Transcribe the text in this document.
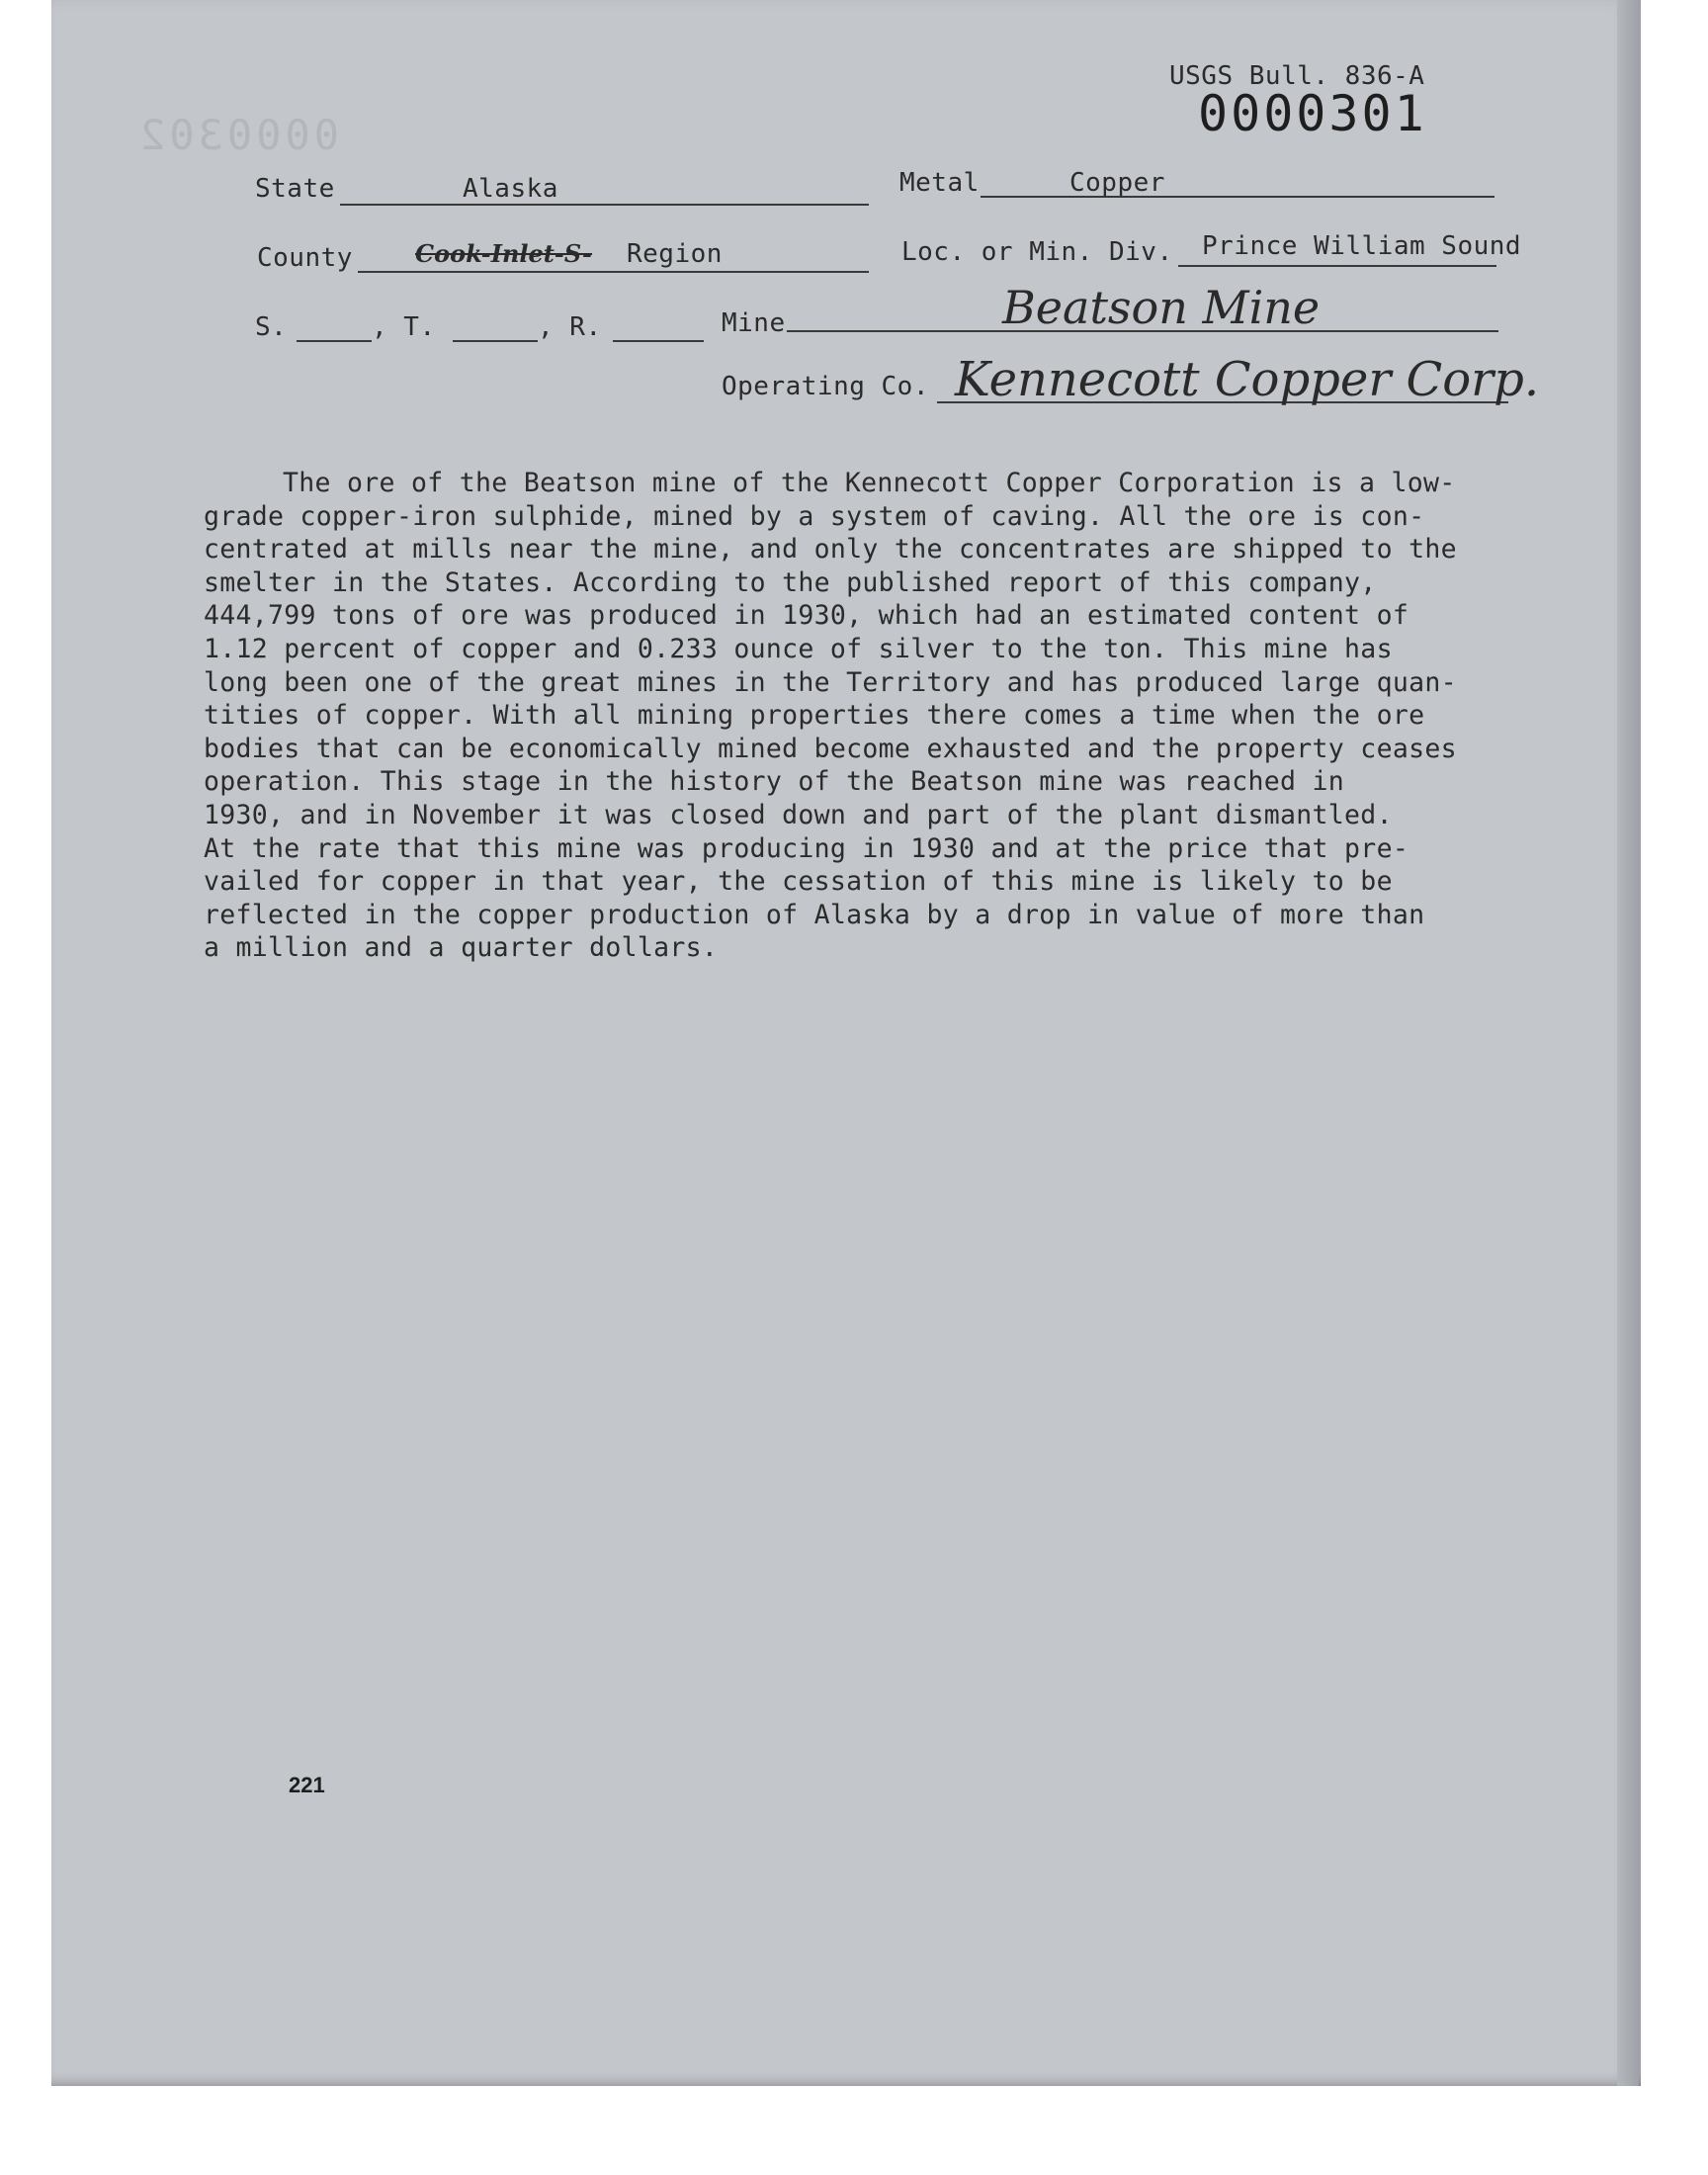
0000302
USGS Bull. 836-A
0000301
State	Alaska	Metal	Copper
County	Cook-Inlet-S- Region	Loc. or Min. Div. Prince William Sound
S.	, T.	, R.	Mine	Beatson Mine
Operating Co. Kennecott Copper Corp.
The ore of the Beatson mine of the Kennecott Copper Corporation is a low-
grade copper-iron sulphide, mined by a system of caving. All the ore is con-
centrated at mills near the mine, and only the concentrates are shipped to the
smelter in the States. According to the published report of this company,
444,799 tons of ore was produced in 1930, which had an estimated content of
1.12 percent of copper and 0.233 ounce of silver to the ton. This mine has
long been one of the great mines in the Territory and has produced large quan-
tities of copper. With all mining properties there comes a time when the ore
bodies that can be economically mined become exhausted and the property ceases
operation. This stage in the history of the Beatson mine was reached in
1930, and in November it was closed down and part of the plant dismantled.
At the rate that this mine was producing in 1930 and at the price that pre-
vailed for copper in that year, the cessation of this mine is likely to be
reflected in the copper production of Alaska by a drop in value of more than
a million and a quarter dollars.
221
